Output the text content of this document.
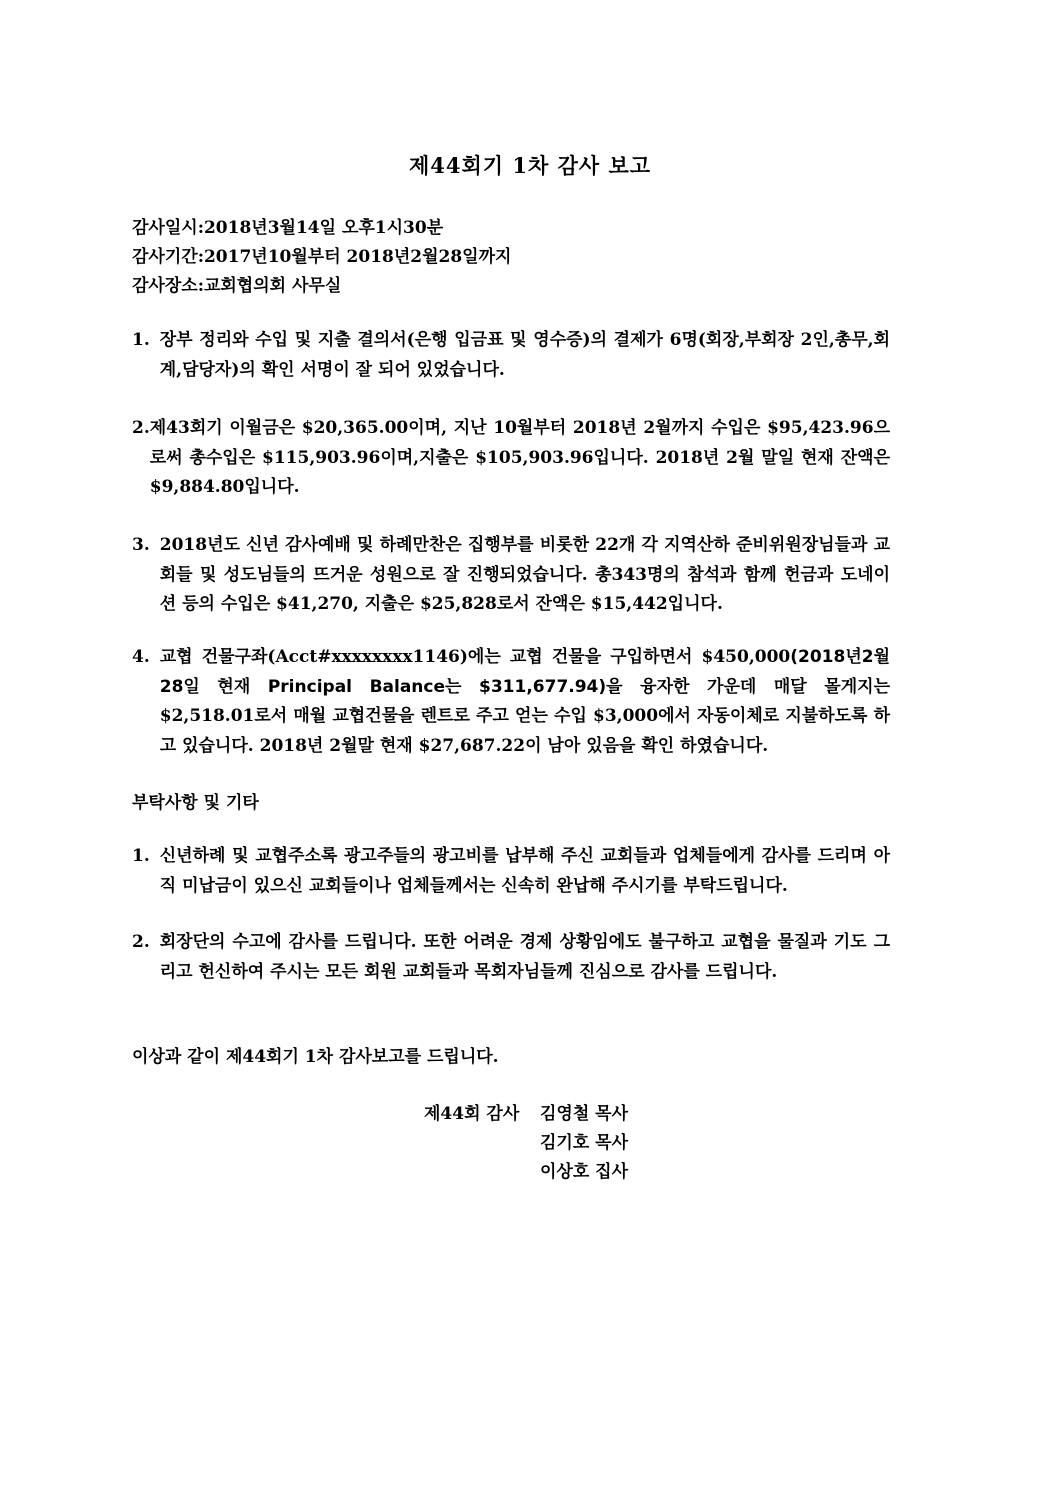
제44회기 1차 감사 보고
감사일시:2018년3월14일 오후1시30분
감사기간:2017년10월부터 2018년2월28일까지
감사장소:교회협의회 사무실
1. 장부 정리와 수입 및 지출 결의서(은행 입금표 및 영수증)의 결제가 6명(회장,부회장 2인,총무,회계,담당자)의 확인 서명이 잘 되어 있었습니다.
2. 제43회기 이월금은 $20,365.00이며, 지난 10월부터 2018년 2월까지 수입은 $95,423.96으로써 총수입은 $115,903.96이며,지출은 $105,903.96입니다. 2018년 2월 말일 현재 잔액은 $9,884.80입니다.
3. 2018년도 신년 감사예배 및 하례만찬은 집행부를 비롯한 22개 각 지역산하 준비위원장님들과 교회들 및 성도님들의 뜨거운 성원으로 잘 진행되었습니다. 총343명의 참석과 함께 헌금과 도네이션 등의 수입은 $41,270, 지출은 $25,828로서 잔액은 $15,442입니다.
4. 교협 건물구좌(Acct#xxxxxxxx1146)에는 교협 건물을 구입하면서 $450,000(2018년2월28일 현재 Principal Balance는 $311,677.94)을 융자한 가운데 매달 몰게지는 $2,518.01로서 매월 교협건물을 렌트로 주고 얻는 수입 $3,000에서 자동이체로 지불하도록 하고 있습니다. 2018년 2월말 현재 $27,687.22이 남아 있음을 확인 하였습니다.
부탁사항 및 기타
1. 신년하례 및 교협주소록 광고주들의 광고비를 납부해 주신 교회들과 업체들에게 감사를 드리며 아직 미납금이 있으신 교회들이나 업체들께서는 신속히 완납해 주시기를 부탁드립니다.
2. 회장단의 수고에 감사를 드립니다. 또한 어려운 경제 상황임에도 불구하고 교협을 물질과 기도 그리고 헌신하여 주시는 모든 회원 교회들과 목회자님들께 진심으로 감사를 드립니다.
이상과 같이 제44회기 1차 감사보고를 드립니다.
제44회 감사 김영철 목사
김기호 목사
이상호 집사
